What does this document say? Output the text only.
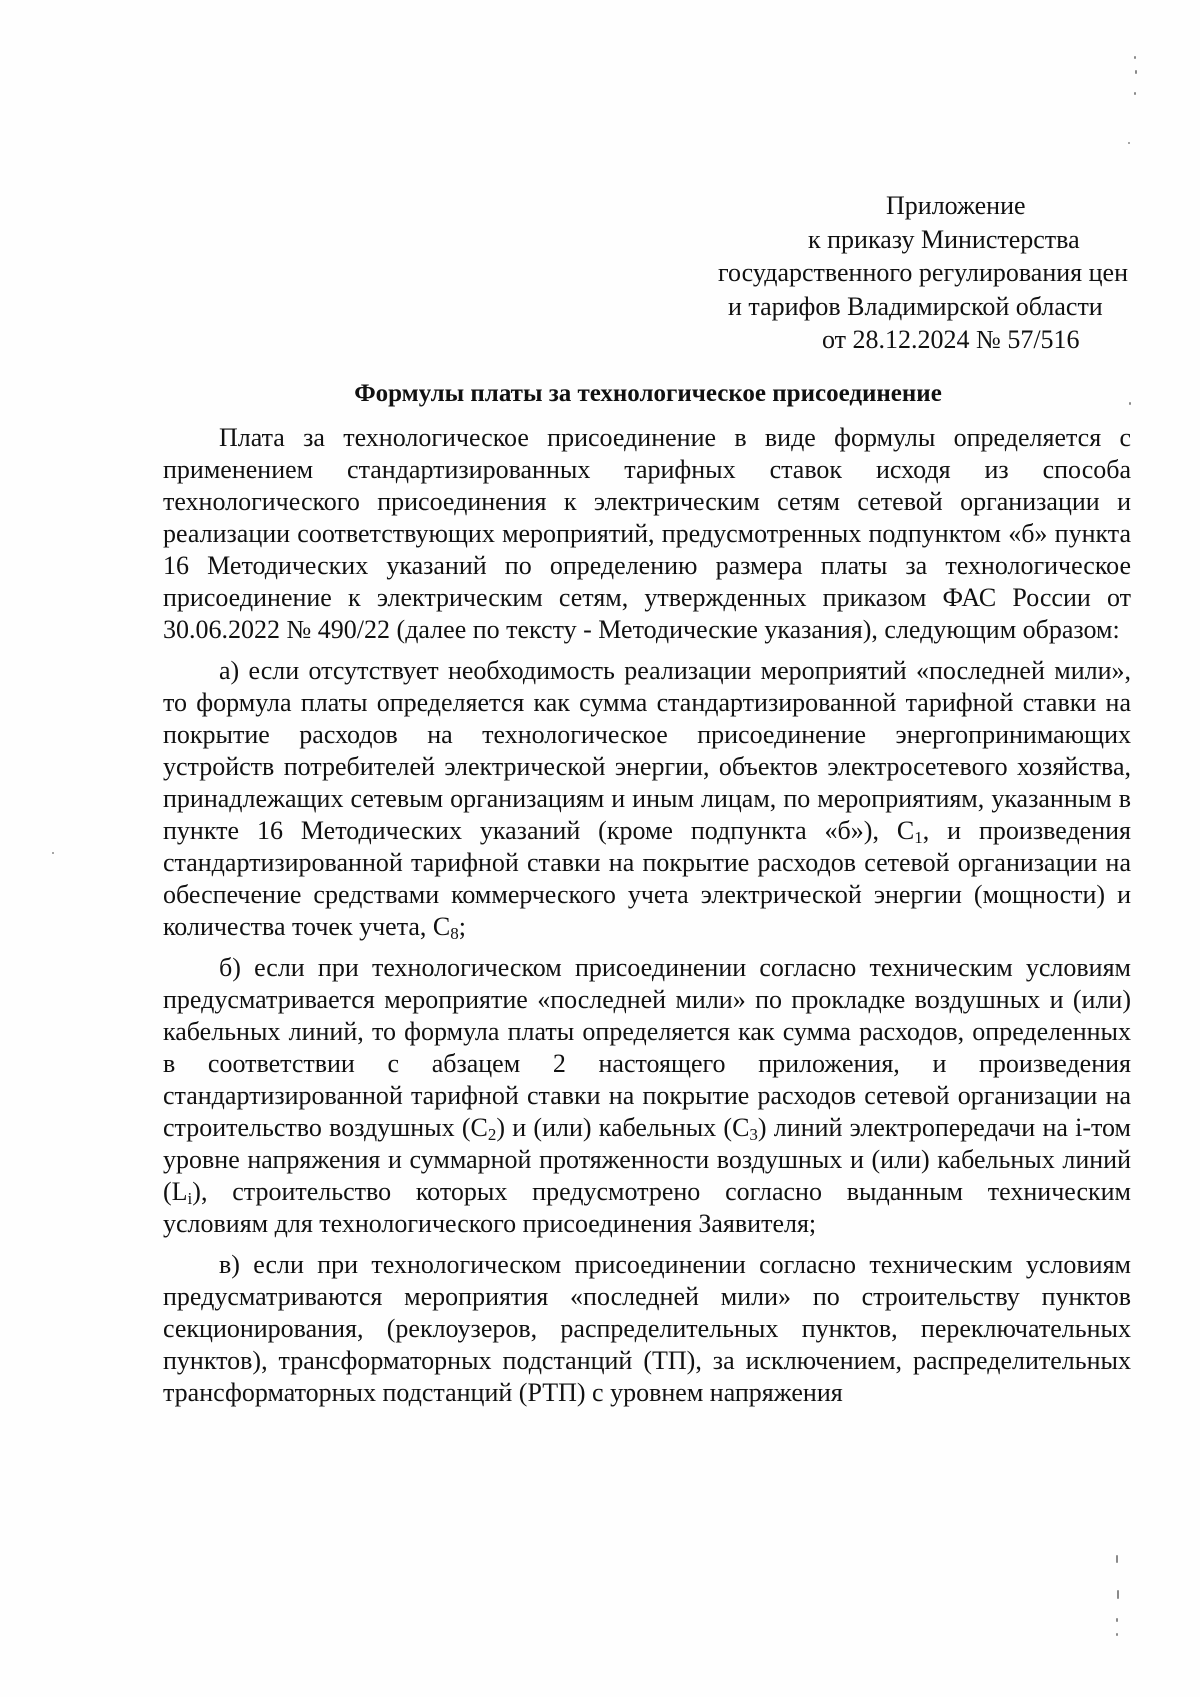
Приложение
к приказу Министерства
государственного регулирования цен
и тарифов Владимирской области
от 28.12.2024 № 57/516
Формулы платы за технологическое присоединение

Плата за технологическое присоединение в виде формулы определяется с применением стандартизированных тарифных ставок исходя из способа технологического присоединения к электрическим сетям сетевой организации и реализации соответствующих мероприятий, предусмотренных подпунктом «б» пункта 16 Методических указаний по определению размера платы за технологическое присоединение к электрическим сетям, утвержденных приказом ФАС России от 30.06.2022 № 490/22 (далее по тексту - Методические указания), следующим образом:

а) если отсутствует необходимость реализации мероприятий «последней мили», то формула платы определяется как сумма стандартизированной тарифной ставки на покрытие расходов на технологическое присоединение энергопринимающих устройств потребителей электрической энергии, объектов электросетевого хозяйства, принадлежащих сетевым организациям и иным лицам, по мероприятиям, указанным в пункте 16 Методических указаний (кроме подпункта «б»), $C_1$, и произведения стандартизированной тарифной ставки на покрытие расходов сетевой организации на обеспечение средствами коммерческого учета электрической энергии (мощности) и количества точек учета, $C_8$;

б) если при технологическом присоединении согласно техническим условиям предусматривается мероприятие «последней мили» по прокладке воздушных и (или) кабельных линий, то формула платы определяется как сумма расходов, определенных в соответствии с абзацем 2 настоящего приложения, и произведения стандартизированной тарифной ставки на покрытие расходов сетевой организации на строительство воздушных $(C_2)$ и (или) кабельных $(C_3)$ линий электропередачи на i-том уровне напряжения и суммарной протяженности воздушных и (или) кабельных линий $(L_i)$, строительство которых предусмотрено согласно выданным техническим условиям для технологического присоединения Заявителя;

в) если при технологическом присоединении согласно техническим условиям предусматриваются мероприятия «последней мили» по строительству пунктов секционирования, (реклоузеров, распределительных пунктов, переключательных пунктов), трансформаторных подстанций (ТП), за исключением, распределительных трансформаторных подстанций (РТП) с уровнем напряжения
